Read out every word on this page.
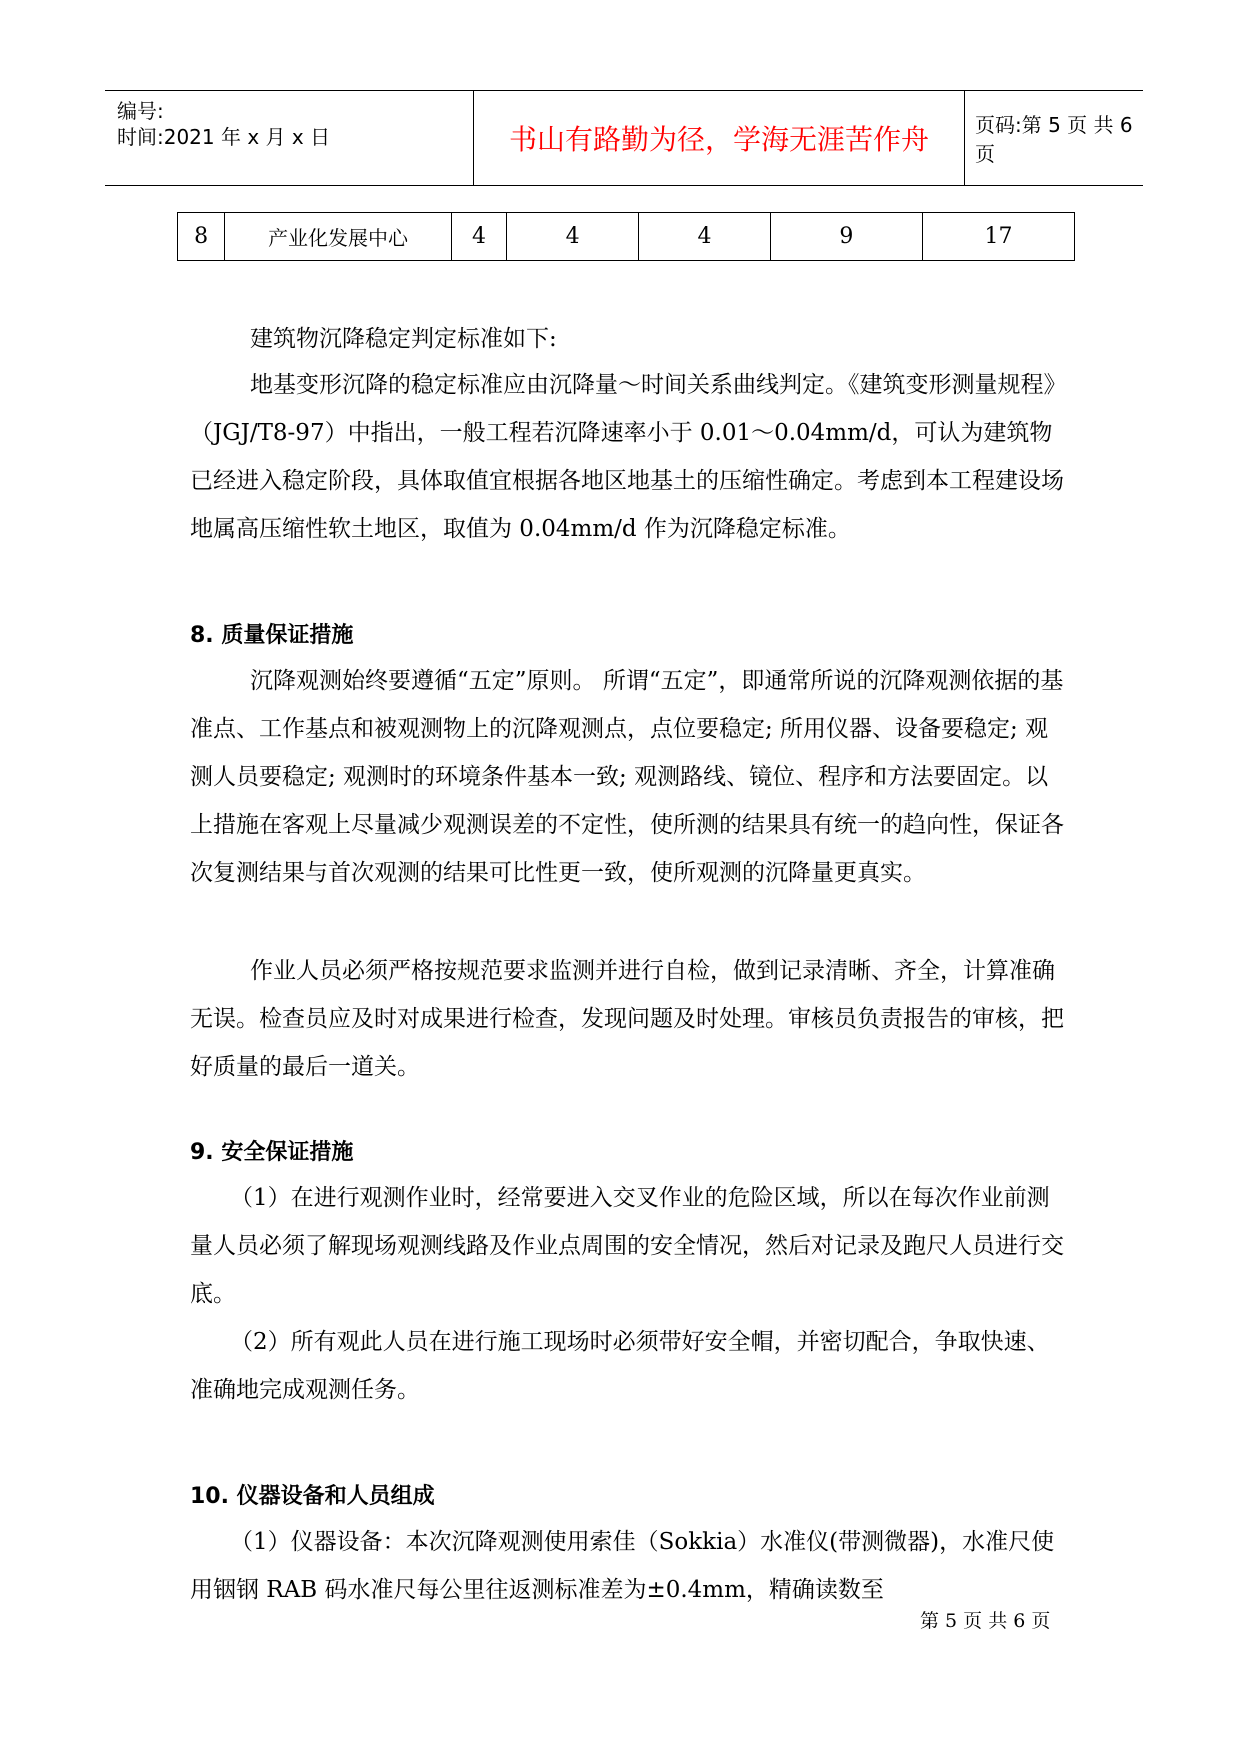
编号:
时间:2021 年 x 月 x 日	书山有路勤为径，学海无涯苦作舟	页码:第 5 页 共 6 页
8	产业化发展中心	4	4	4	9	17

建筑物沉降稳定判定标准如下:

地基变形沉降的稳定标准应由沉降量～时间关系曲线判定。《建筑变形测量规程》（JGJ/T8-97）中指出，一般工程若沉降速率小于 0.01～0.04mm/d，可认为建筑物已经进入稳定阶段，具体取值宜根据各地区地基土的压缩性确定。考虑到本工程建设场地属高压缩性软土地区，取值为 0.04mm/d 作为沉降稳定标准。

8. 质量保证措施

沉降观测始终要遵循“五定”原则。 所谓“五定”，即通常所说的沉降观测依据的基准点、工作基点和被观测物上的沉降观测点，点位要稳定; 所用仪器、设备要稳定; 观测人员要稳定; 观测时的环境条件基本一致; 观测路线、镜位、程序和方法要固定。以上措施在客观上尽量减少观测误差的不定性，使所测的结果具有统一的趋向性，保证各次复测结果与首次观测的结果可比性更一致，使所观测的沉降量更真实。

作业人员必须严格按规范要求监测并进行自检，做到记录清晰、齐全，计算准确无误。检查员应及时对成果进行检查，发现问题及时处理。审核员负责报告的审核，把好质量的最后一道关。

9. 安全保证措施

（1）在进行观测作业时，经常要进入交叉作业的危险区域，所以在每次作业前测量人员必须了解现场观测线路及作业点周围的安全情况，然后对记录及跑尺人员进行交底。

（2）所有观此人员在进行施工现场时必须带好安全帽，并密切配合，争取快速、准确地完成观测任务。

10. 仪器设备和人员组成

（1）仪器设备：本次沉降观测使用索佳（Sokkia）水准仪(带测微器)，水准尺使用铟钢 RAB 码水准尺每公里往返测标准差为±0.4mm，精确读数至

第 5 页 共 6 页
